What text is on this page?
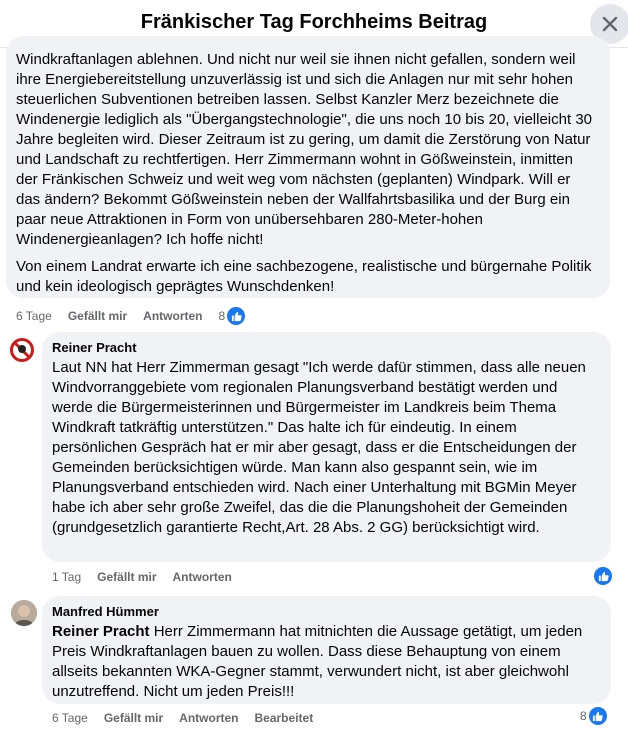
Fränkischer Tag Forchheims Beitrag

Windkraftanlagen ablehnen. Und nicht nur weil sie ihnen nicht gefallen, sondern weil ihre Energiebereitstellung unzuverlässig ist und sich die Anlagen nur mit sehr hohen steuerlichen Subventionen betreiben lassen. Selbst Kanzler Merz bezeichnete die Windenergie lediglich als "Übergangstechnologie", die uns noch 10 bis 20, vielleicht 30 Jahre begleiten wird. Dieser Zeitraum ist zu gering, um damit die Zerstörung von Natur und Landschaft zu rechtfertigen. Herr Zimmermann wohnt in Gößweinstein, inmitten der Fränkischen Schweiz und weit weg vom nächsten (geplanten) Windpark. Will er das ändern? Bekommt Gößweinstein neben der Wallfahrtsbasilika und der Burg ein paar neue Attraktionen in Form von unübersehbaren 280-Meter-hohen Windenergieanlagen? Ich hoffe nicht!

Von einem Landrat erwarte ich eine sachbezogene, realistische und bürgernahe Politik und kein ideologisch geprägtes Wunschdenken!

6 Tage Gefällt mir Antworten 8
Reiner Pracht
Laut NN hat Herr Zimmerman gesagt "Ich werde dafür stimmen, dass alle neuen Windvorranggebiete vom regionalen Planungsverband bestätigt werden und werde die Bürgermeisterinnen und Bürgermeister im Landkreis beim Thema Windkraft tatkräftig unterstützen." Das halte ich für eindeutig. In einem persönlichen Gespräch hat er mir aber gesagt, dass er die Entscheidungen der Gemeinden berücksichtigen würde. Man kann also gespannt sein, wie im Planungsverband entschieden wird. Nach einer Unterhaltung mit BGMin Meyer habe ich aber sehr große Zweifel, das die die Planungshoheit der Gemeinden (grundgesetzlich garantierte Recht,Art. 28 Abs. 2 GG) berücksichtigt wird.
1 Tag Gefällt mir Antworten
Manfred Hümmer
Reiner Pracht Herr Zimmermann hat mitnichten die Aussage getätigt, um jeden Preis Windkraftanlagen bauen zu wollen. Dass diese Behauptung von einem allseits bekannten WKA-Gegner stammt, verwundert nicht, ist aber gleichwohl unzutreffend. Nicht um jeden Preis!!!
6 Tage Gefällt mir Antworten Bearbeitet	8
